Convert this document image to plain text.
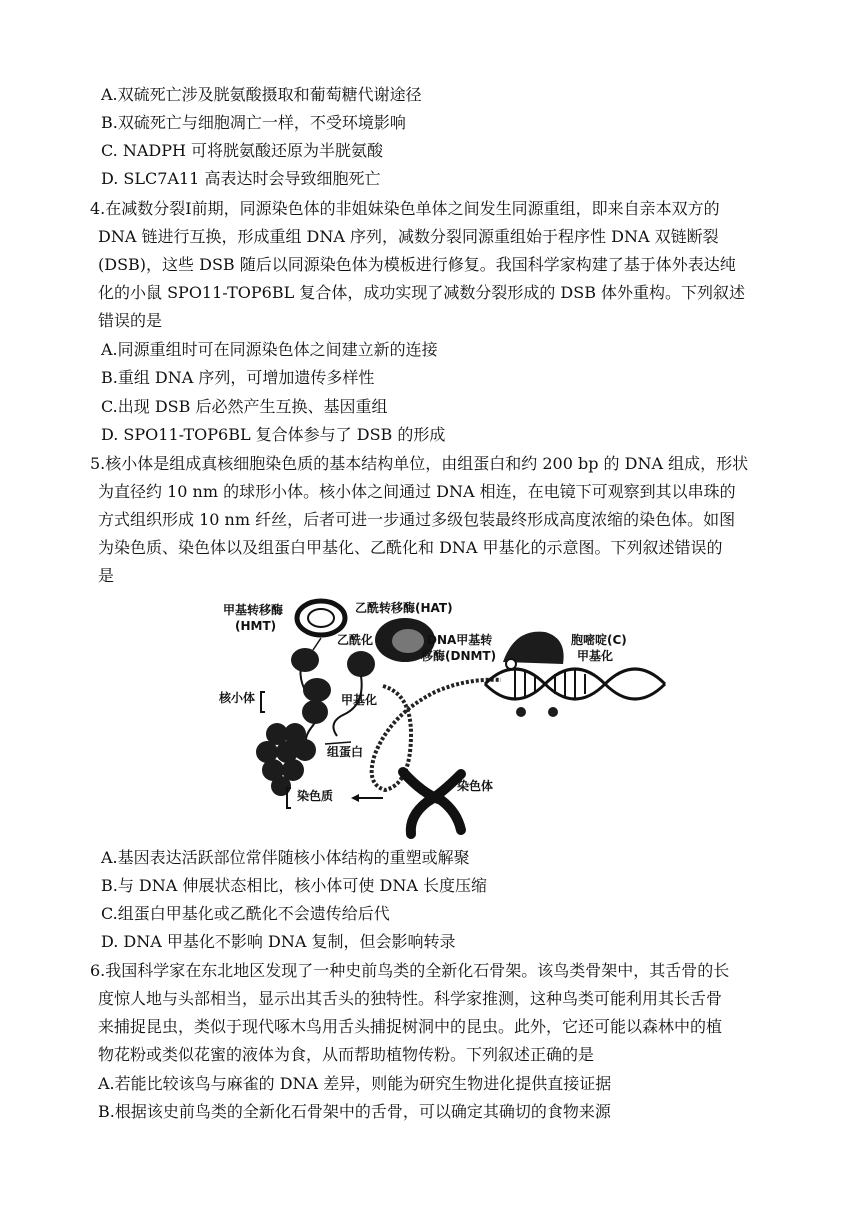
A.双硫死亡涉及胱氨酸摄取和葡萄糖代谢途径
B.双硫死亡与细胞凋亡一样，不受环境影响
C. NADPH 可将胱氨酸还原为半胱氨酸
D. SLC7A11 高表达时会导致细胞死亡
4.在减数分裂I前期，同源染色体的非姐妹染色单体之间发生同源重组，即来自亲本双方的
DNA 链进行互换，形成重组 DNA 序列，减数分裂同源重组始于程序性 DNA 双链断裂
(DSB)，这些 DSB 随后以同源染色体为模板进行修复。我国科学家构建了基于体外表达纯
化的小鼠 SPO11-TOP6BL 复合体，成功实现了减数分裂形成的 DSB 体外重构。下列叙述
错误的是
A.同源重组时可在同源染色体之间建立新的连接
B.重组 DNA 序列，可增加遗传多样性
C.出现 DSB 后必然产生互换、基因重组
D. SPO11-TOP6BL 复合体参与了 DSB 的形成
5.核小体是组成真核细胞染色质的基本结构单位，由组蛋白和约 200 bp 的 DNA 组成，形状
为直径约 10 nm 的球形小体。核小体之间通过 DNA 相连，在电镜下可观察到其以串珠的
方式组织形成 10 nm 纤丝，后者可进一步通过多级包装最终形成高度浓缩的染色体。如图
为染色质、染色体以及组蛋白甲基化、乙酰化和 DNA 甲基化的示意图。下列叙述错误的
是
甲基转移酶
(HMT)
乙酰转移酶(HAT)
乙酰化	DNA甲基转
移酶(DNMT)
胞嘧啶(C)
甲基化
核小体	甲基化
组蛋白
染色质
染色体
A.基因表达活跃部位常伴随核小体结构的重塑或解聚
B.与 DNA 伸展状态相比，核小体可使 DNA 长度压缩
C.组蛋白甲基化或乙酰化不会遗传给后代
D. DNA 甲基化不影响 DNA 复制，但会影响转录
6.我国科学家在东北地区发现了一种史前鸟类的全新化石骨架。该鸟类骨架中，其舌骨的长
度惊人地与头部相当，显示出其舌头的独特性。科学家推测，这种鸟类可能利用其长舌骨
来捕捉昆虫，类似于现代啄木鸟用舌头捕捉树洞中的昆虫。此外，它还可能以森林中的植
物花粉或类似花蜜的液体为食，从而帮助植物传粉。下列叙述正确的是
A.若能比较该鸟与麻雀的 DNA 差异，则能为研究生物进化提供直接证据
B.根据该史前鸟类的全新化石骨架中的舌骨，可以确定其确切的食物来源
